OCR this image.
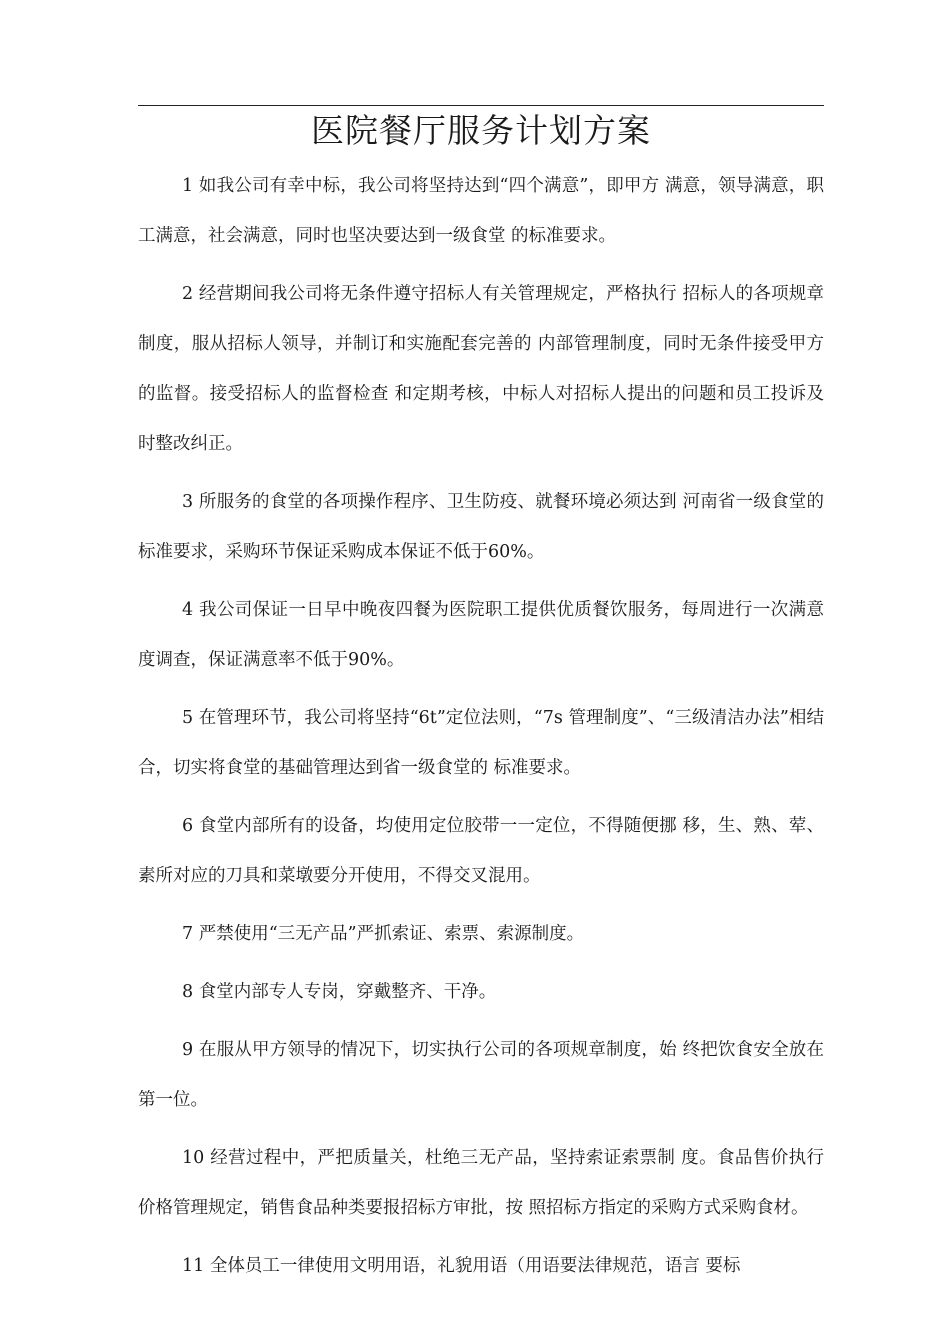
医院餐厅服务计划方案

1 如我公司有幸中标，我公司将坚持达到“四个满意”，即甲方 满意，领导满意，职工满意，社会满意，同时也坚决要达到一级食堂 的标准要求。

2 经营期间我公司将无条件遵守招标人有关管理规定，严格执行 招标人的各项规章制度，服从招标人领导，并制订和实施配套完善的 内部管理制度，同时无条件接受甲方的监督。接受招标人的监督检查 和定期考核，中标人对招标人提出的问题和员工投诉及时整改纠正。

3 所服务的食堂的各项操作程序、卫生防疫、就餐环境必须达到 河南省一级食堂的标准要求，采购环节保证采购成本保证不低于60%。

4 我公司保证一日早中晚夜四餐为医院职工提供优质餐饮服务，每周进行一次满意度调查，保证满意率不低于90%。

5 在管理环节，我公司将坚持“6t”定位法则，“7s 管理制度”、“三级清洁办法”相结合，切实将食堂的基础管理达到省一级食堂的 标准要求。

6 食堂内部所有的设备，均使用定位胶带一一定位，不得随便挪 移，生、熟、荤、素所对应的刀具和菜墩要分开使用，不得交叉混用。

7 严禁使用“三无产品”严抓索证、索票、索源制度。

8 食堂内部专人专岗，穿戴整齐、干净。

9 在服从甲方领导的情况下，切实执行公司的各项规章制度，始 终把饮食安全放在第一位。

10 经营过程中，严把质量关，杜绝三无产品，坚持索证索票制 度。食品售价执行价格管理规定，销售食品种类要报招标方审批，按 照招标方指定的采购方式采购食材。

11 全体员工一律使用文明用语，礼貌用语（用语要法律规范，语言 要标
